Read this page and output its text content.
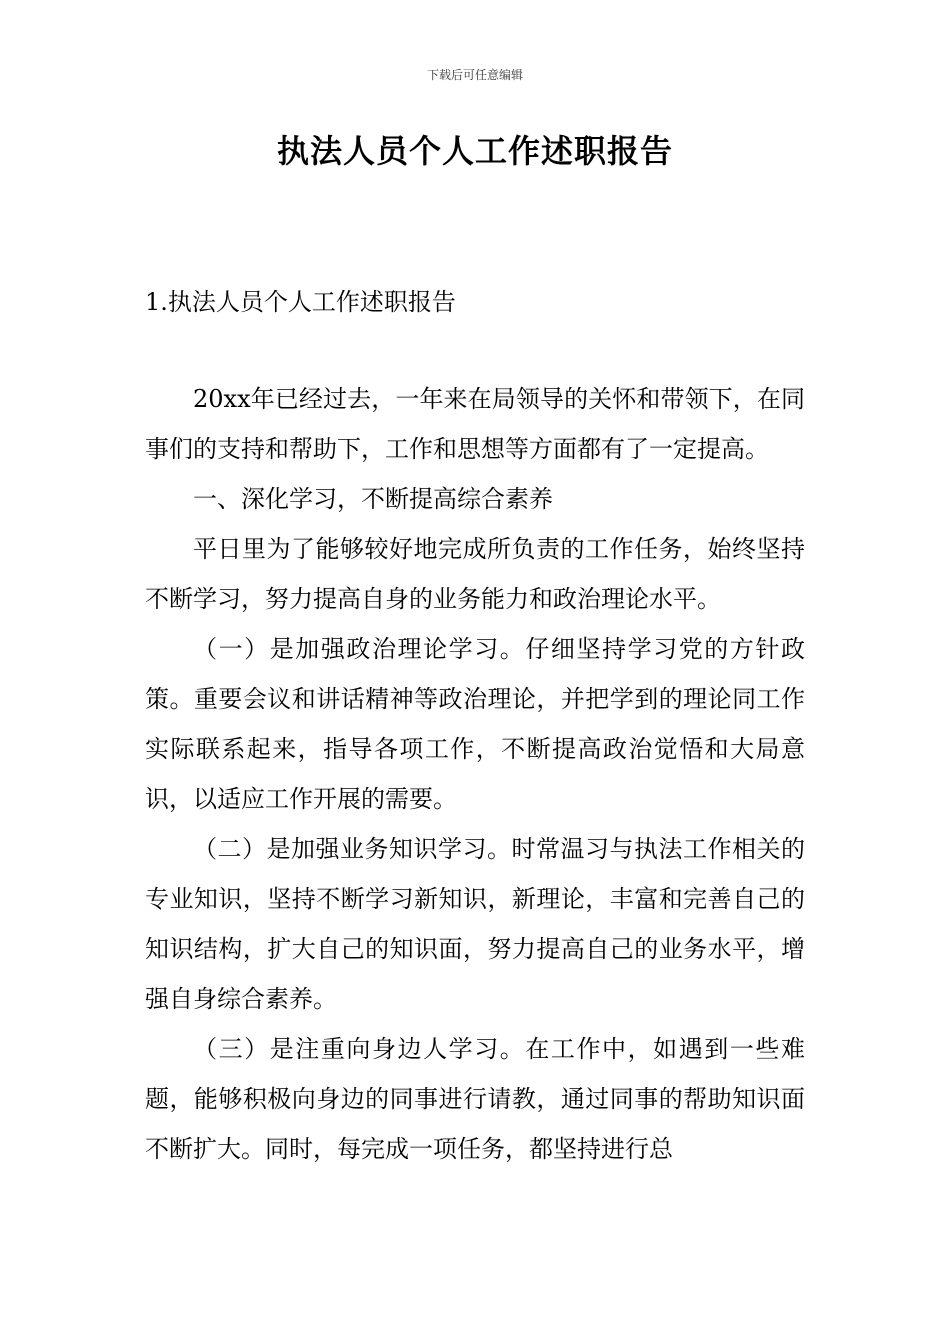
下载后可任意编辑
执法人员个人工作述职报告
1.执法人员个人工作述职报告

20xx年已经过去，一年来在局领导的关怀和带领下，在同事们的支持和帮助下，工作和思想等方面都有了一定提高。

一、深化学习，不断提高综合素养

平日里为了能够较好地完成所负责的工作任务，始终坚持不断学习，努力提高自身的业务能力和政治理论水平。

（一）是加强政治理论学习。仔细坚持学习党的方针政策。重要会议和讲话精神等政治理论，并把学到的理论同工作实际联系起来，指导各项工作，不断提高政治觉悟和大局意识，以适应工作开展的需要。

（二）是加强业务知识学习。时常温习与执法工作相关的专业知识，坚持不断学习新知识，新理论，丰富和完善自己的知识结构，扩大自己的知识面，努力提高自己的业务水平，增强自身综合素养。

（三）是注重向身边人学习。在工作中，如遇到一些难题，能够积极向身边的同事进行请教，通过同事的帮助知识面不断扩大。同时，每完成一项任务，都坚持进行总
